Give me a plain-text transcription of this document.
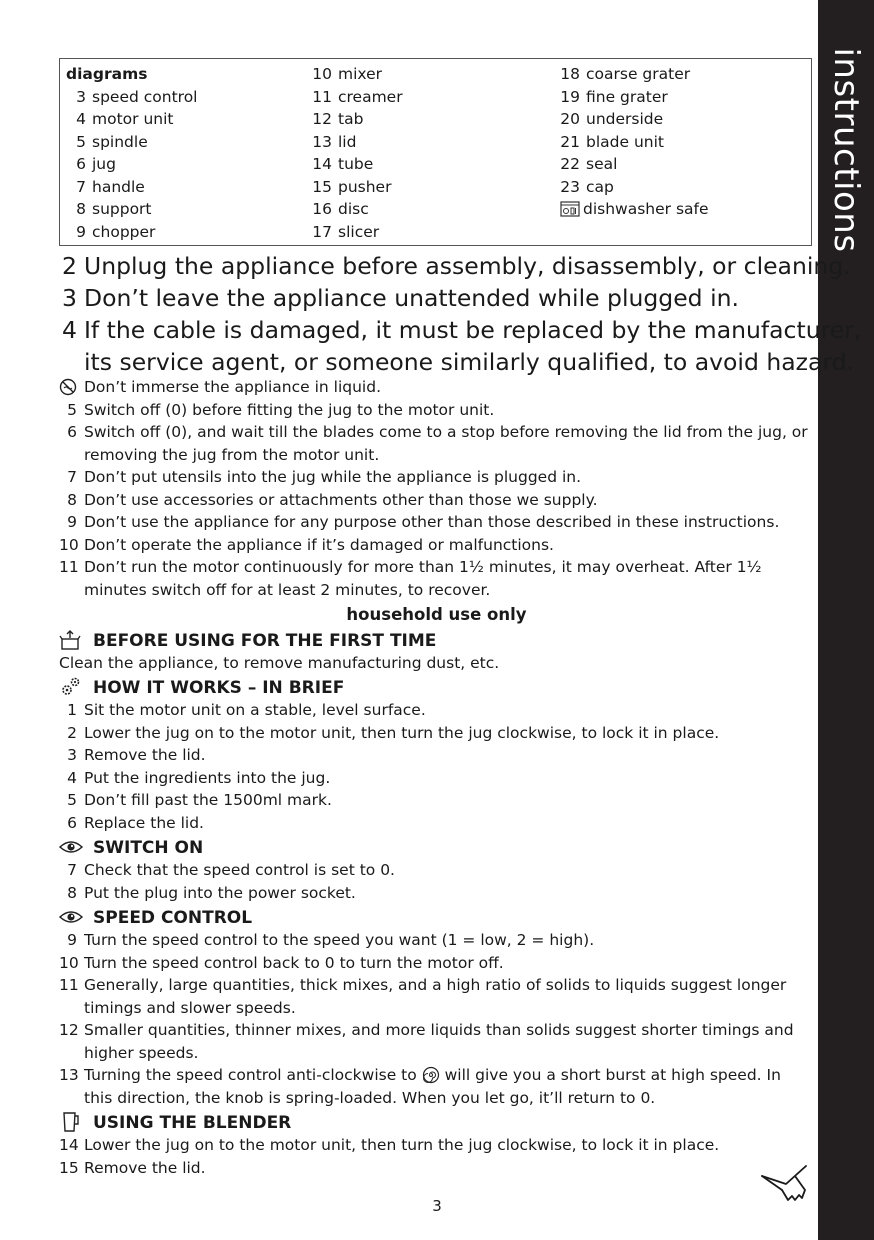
instructions
diagrams
3 speed control
4 motor unit
5 spindle
6 jug
7 handle
8 support
9 chopper
10 mixer
11 creamer
12 tab
13 lid
14 tube
15 pusher
16 disc
17 slicer
18 coarse grater
19 fine grater
20 underside
21 blade unit
22 seal
23 cap
dishwasher safe
2 Unplug the appliance before assembly, disassembly, or cleaning.
3 Don’t leave the appliance unattended while plugged in.
4 If the cable is damaged, it must be replaced by the manufacturer,
its service agent, or someone similarly qualified, to avoid hazard.
Don’t immerse the appliance in liquid.
5 Switch off (0) before fitting the jug to the motor unit.
6 Switch off (0), and wait till the blades come to a stop before removing the lid from the jug, or
removing the jug from the motor unit.
7 Don’t put utensils into the jug while the appliance is plugged in.
8 Don’t use accessories or attachments other than those we supply.
9 Don’t use the appliance for any purpose other than those described in these instructions.
10 Don’t operate the appliance if it’s damaged or malfunctions.
11 Don’t run the motor continuously for more than 1½ minutes, it may overheat. After 1½
minutes switch off for at least 2 minutes, to recover.
household use only
BEFORE USING FOR THE FIRST TIME
Clean the appliance, to remove manufacturing dust, etc.
HOW IT WORKS – IN BRIEF
1 Sit the motor unit on a stable, level surface.
2 Lower the jug on to the motor unit, then turn the jug clockwise, to lock it in place.
3 Remove the lid.
4 Put the ingredients into the jug.
5 Don’t fill past the 1500ml mark.
6 Replace the lid.
SWITCH ON
7 Check that the speed control is set to 0.
8 Put the plug into the power socket.
SPEED CONTROL
9 Turn the speed control to the speed you want (1 = low, 2 = high).
10 Turn the speed control back to 0 to turn the motor off.
11 Generally, large quantities, thick mixes, and a high ratio of solids to liquids suggest longer
timings and slower speeds.
12 Smaller quantities, thinner mixes, and more liquids than solids suggest shorter timings and
higher speeds.
13 Turning the speed control anti-clockwise to will give you a short burst at high speed. In
this direction, the knob is spring-loaded. When you let go, it’ll return to 0.
USING THE BLENDER
14 Lower the jug on to the motor unit, then turn the jug clockwise, to lock it in place.
15 Remove the lid.
3
